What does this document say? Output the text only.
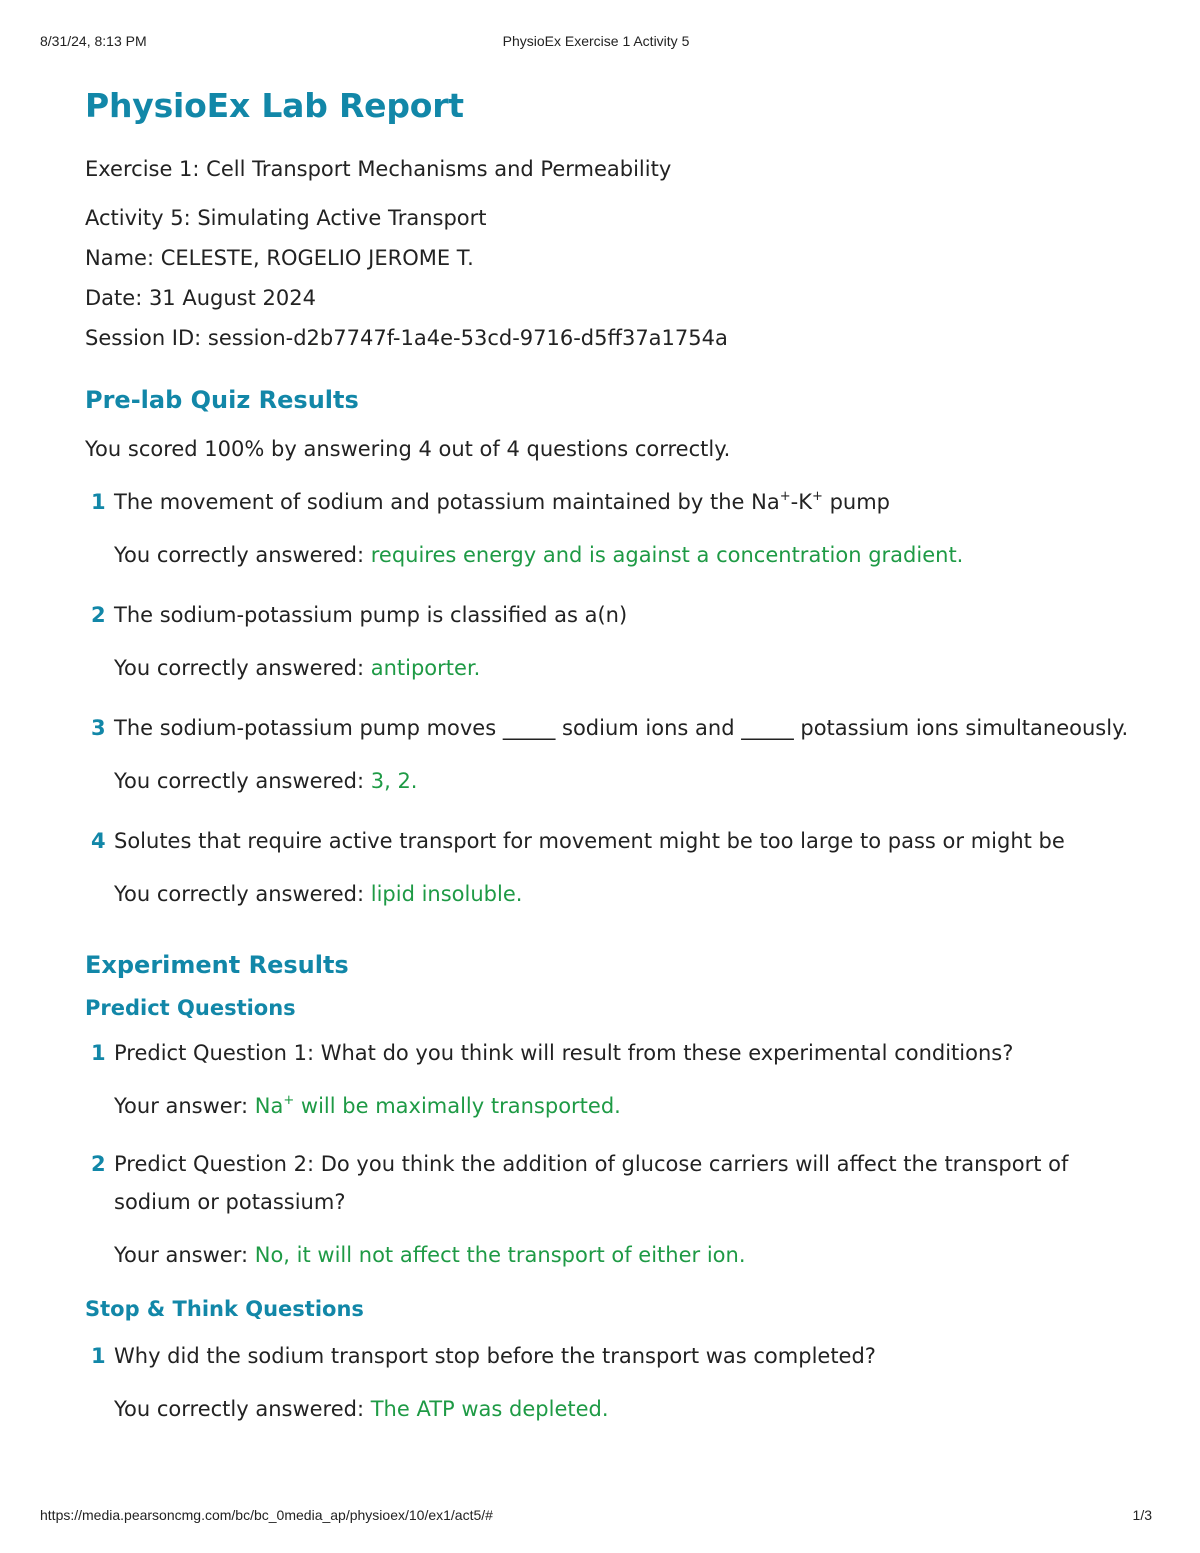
8/31/24, 8:13 PM	PhysioEx Exercise 1 Activity 5
PhysioEx Lab Report
Exercise 1: Cell Transport Mechanisms and Permeability
Activity 5: Simulating Active Transport
Name: CELESTE, ROGELIO JEROME T.
Date: 31 August 2024
Session ID: session-d2b7747f-1a4e-53cd-9716-d5ff37a1754a
Pre-lab Quiz Results
You scored 100% by answering 4 out of 4 questions correctly.
1 The movement of sodium and potassium maintained by the Na+-K+ pump
You correctly answered: requires energy and is against a concentration gradient.
2 The sodium-potassium pump is classified as a(n)
You correctly answered: antiporter.
3 The sodium-potassium pump moves _____ sodium ions and _____ potassium ions simultaneously.
You correctly answered: 3, 2.
4 Solutes that require active transport for movement might be too large to pass or might be
You correctly answered: lipid insoluble.
Experiment Results
Predict Questions
1 Predict Question 1: What do you think will result from these experimental conditions?
Your answer: Na+ will be maximally transported.
2 Predict Question 2: Do you think the addition of glucose carriers will affect the transport of sodium or potassium?
Your answer: No, it will not affect the transport of either ion.
Stop & Think Questions
1 Why did the sodium transport stop before the transport was completed?
You correctly answered: The ATP was depleted.
https://media.pearsoncmg.com/bc/bc_0media_ap/physioex/10/ex1/act5/#	1/3
